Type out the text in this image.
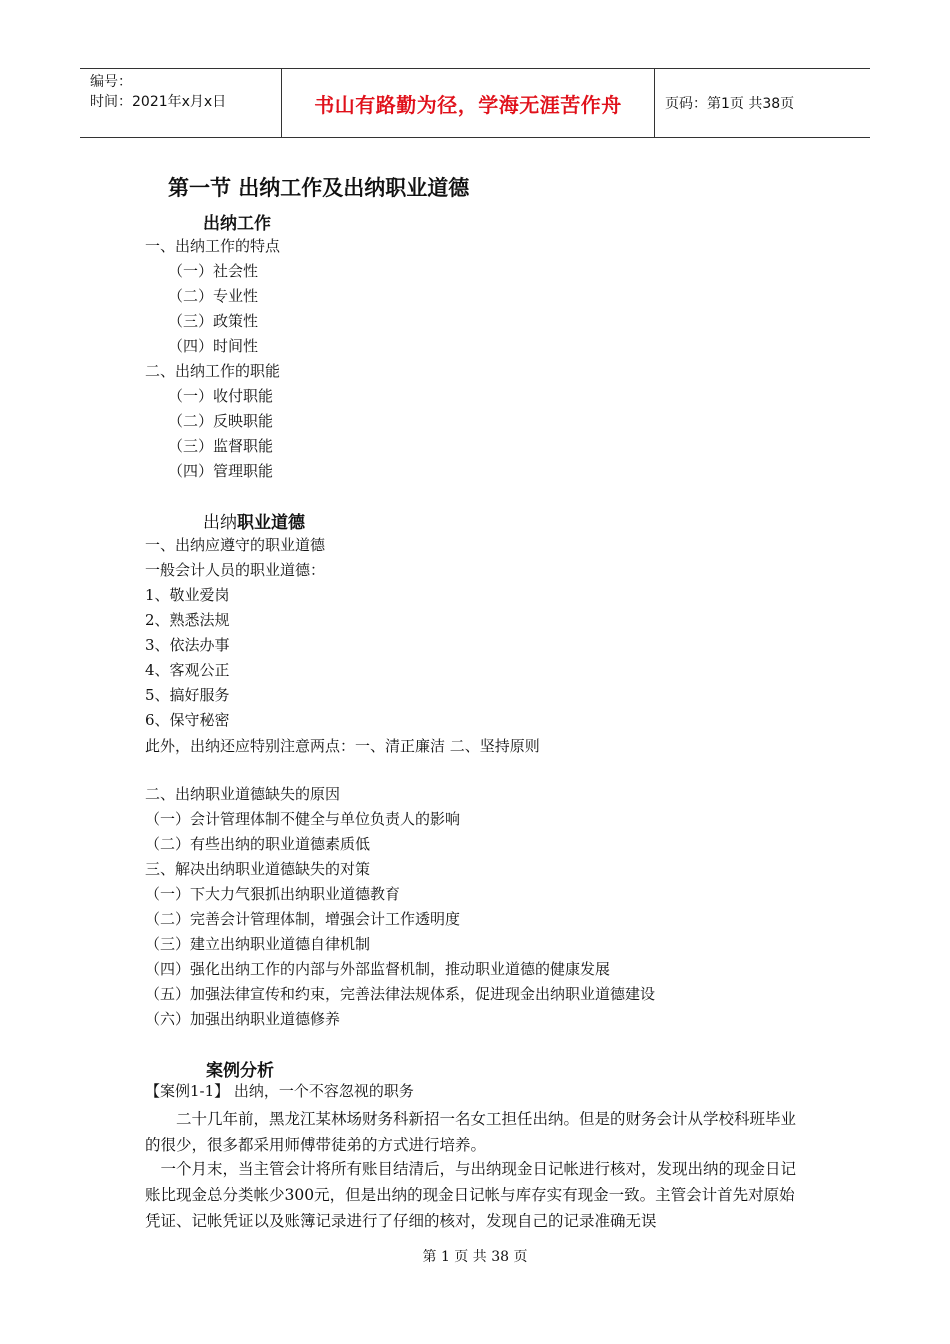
编号：
时间：2021年x月x日	书山有路勤为径，学海无涯苦作舟	页码：第1页 共38页
第一节 出纳工作及出纳职业道德
出纳工作
一、出纳工作的特点
（一）社会性
（二）专业性
（三）政策性
（四）时间性
二、出纳工作的职能
（一）收付职能
（二）反映职能
（三）监督职能
（四）管理职能
出纳职业道德
一、出纳应遵守的职业道德
一般会计人员的职业道德：
1、敬业爱岗
2、熟悉法规
3、依法办事
4、客观公正
5、搞好服务
6、保守秘密
此外，出纳还应特别注意两点：一、清正廉洁 二、坚持原则
二、出纳职业道德缺失的原因
（一）会计管理体制不健全与单位负责人的影响
（二）有些出纳的职业道德素质低
三、解决出纳职业道德缺失的对策
（一）下大力气狠抓出纳职业道德教育
（二）完善会计管理体制，增强会计工作透明度
（三）建立出纳职业道德自律机制
（四）强化出纳工作的内部与外部监督机制，推动职业道德的健康发展
（五）加强法律宣传和约束，完善法律法规体系，促进现金出纳职业道德建设
（六）加强出纳职业道德修养
案例分析
【案例1-1】 出纳，一个不容忽视的职务
二十几年前，黑龙江某林场财务科新招一名女工担任出纳。但是的财务会计从学校科班毕业的很少，很多都采用师傅带徒弟的方式进行培养。
一个月末，当主管会计将所有账目结清后，与出纳现金日记帐进行核对，发现出纳的现金日记账比现金总分类帐少300元，但是出纳的现金日记帐与库存实有现金一致。主管会计首先对原始凭证、记帐凭证以及账簿记录进行了仔细的核对，发现自己的记录准确无误
第 1 页 共 38 页
